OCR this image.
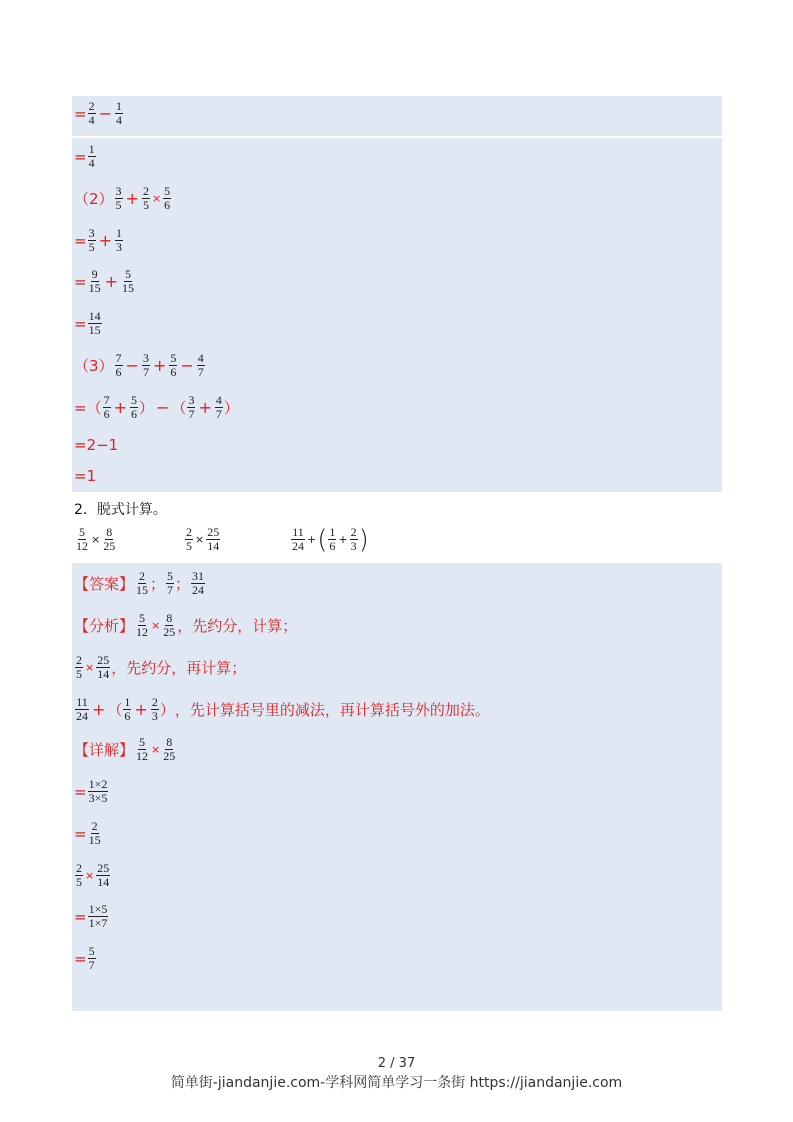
= $\frac{2}{4} - \frac{1}{4}$
= $\frac{1}{4}$
$(2) \frac{3}{5} + \frac{2}{5} \times \frac{5}{6}$
= $\frac{3}{5} + \frac{1}{3}$
= $\frac{9}{15} + \frac{5}{15}$
= $\frac{14}{15}$
$(3) \frac{7}{6} - \frac{3}{7} + \frac{5}{6} - \frac{4}{7}$
= （ $\frac{7}{6} + \frac{5}{6}$ ） − （ $\frac{3}{7} + \frac{4}{7}$ ）
=2−1
=1
2．脱式计算。
$\frac{5}{12} \times \frac{8}{25}$	$\frac{2}{5} \times \frac{25}{14}$	$\frac{11}{24}$ + ( $\frac{1}{6} + \frac{2}{3}$ )
【答案】 $\frac{2}{15}$ ； $\frac{5}{7}$ ； $\frac{31}{24}$
【分析】 $\frac{5}{12} \times \frac{8}{25}$ ，先约分，计算；
$\frac{2}{5} \times \frac{25}{14}$ ，先约分，再计算；
$\frac{11}{24}$ + （ $\frac{1}{6} + \frac{2}{3}$ ） ，先计算括号里的减法，再计算括号外的加法。
【详解】 $\frac{5}{12} \times \frac{8}{25}$
= $\frac{1\times 2}{3\times 5}$
= $\frac{2}{15}$
$\frac{2}{5} \times \frac{25}{14}$
= $\frac{1\times 5}{1\times 7}$
= $\frac{5}{7}$
2 / 37
简单街-jiandanjie.com-学科网简单学习一条街 https://jiandanjie.com
